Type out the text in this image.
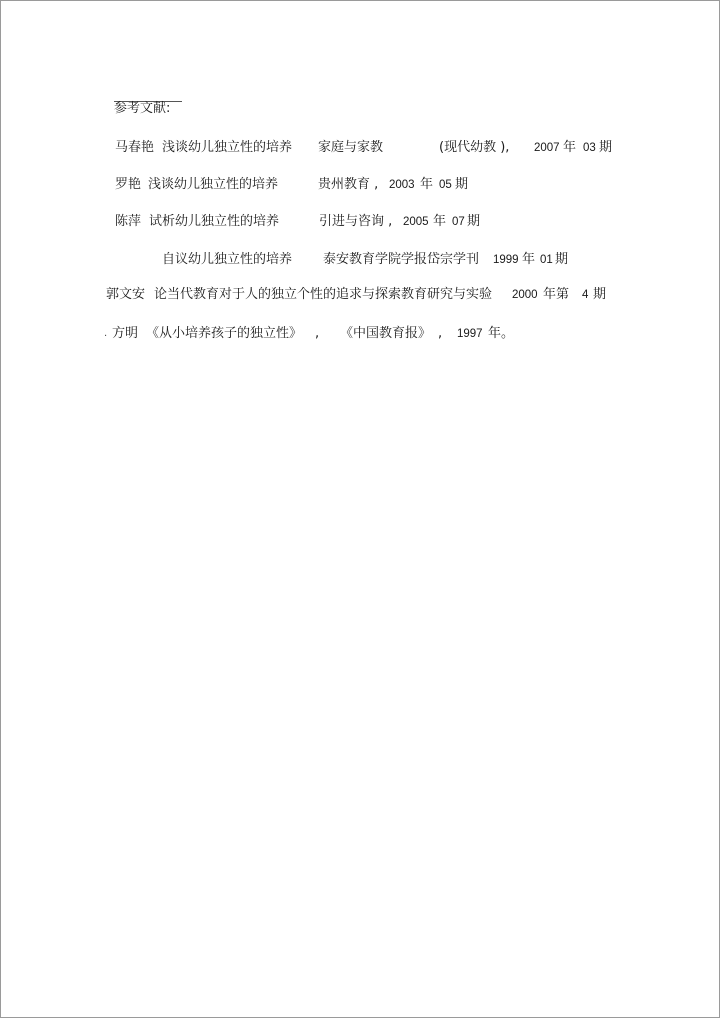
参考文献:
马春艳 浅谈幼儿独立性的培养 家庭与家教	(现代幼教 ), 2007 年 03 期
罗艳 浅谈幼儿独立性的培养	贵州教育 , 2003 年 05 期
陈萍 试析幼儿独立性的培养	引进与咨询 , 2005 年 07 期
自议幼儿独立性的培养 泰安教育学院学报岱宗学刊 1999 年 01 期
郭文安 论当代教育对于人的独立个性的追求与探索教育研究与实验 2000 年第 4 期
. 方明 《从小培养孩子的独立性》 , 《中国教育报》 , 1997 年。
